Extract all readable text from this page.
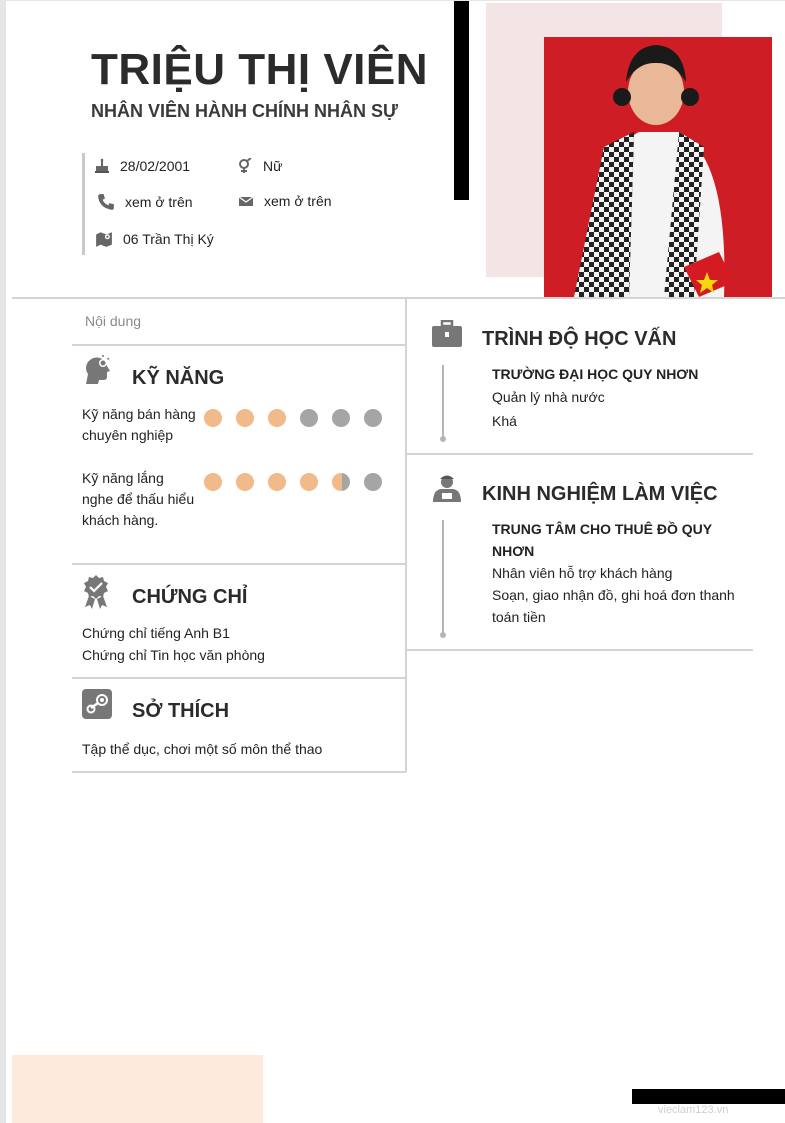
TRIỆU THỊ VIÊN
NHÂN VIÊN HÀNH CHÍNH NHÂN SỰ
28/02/2001	Nữ
xem ở trên	xem ở trên
06 Trần Thị Ký
Nội dung
KỸ NĂNG
Kỹ năng bán hàng
chuyên nghiệp
Kỹ năng lắng
nghe để thấu hiểu
khách hàng.
CHỨNG CHỈ
Chứng chỉ tiếng Anh B1
Chứng chỉ Tin học văn phòng
SỞ THÍCH
Tập thể dục, chơi một số môn thể thao
TRÌNH ĐỘ HỌC VẤN
TRƯỜNG ĐẠI HỌC QUY NHƠN
Quản lý nhà nước
Khá
KINH NGHIỆM LÀM VIỆC
TRUNG TÂM CHO THUÊ ĐỒ QUY
NHƠN
Nhân viên hỗ trợ khách hàng
Soạn, giao nhận đồ, ghi hoá đơn thanh
toán tiền
vieclam123.vn
